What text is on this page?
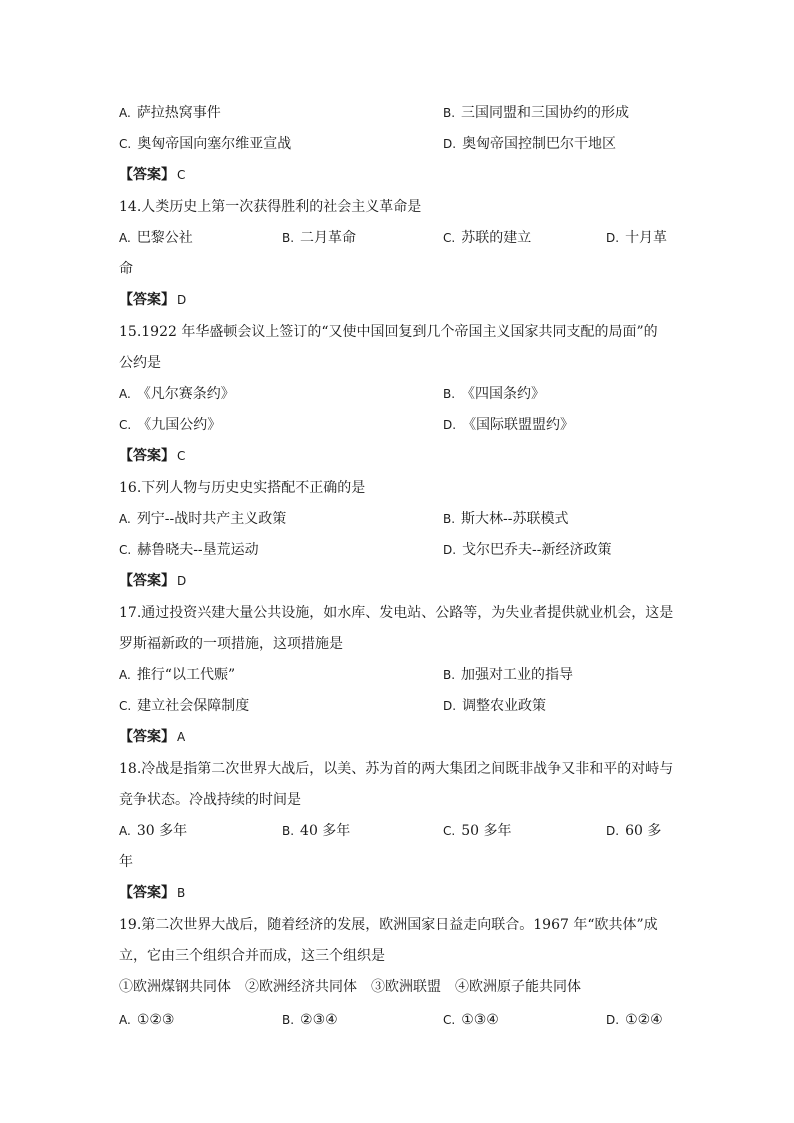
A. 萨拉热窝事件	B. 三国同盟和三国协约的形成
C. 奥匈帝国向塞尔维亚宣战	D. 奥匈帝国控制巴尔干地区
【答案】 C
14.人类历史上第一次获得胜利的社会主义革命是
A. 巴黎公社	B. 二月革命	C. 苏联的建立	D. 十月革
命
【答案】 D
15.1922 年华盛顿会议上签订的“又使中国回复到几个帝国主义国家共同支配的局面”的
公约是
A. 《凡尔赛条约》	B. 《四国条约》
C. 《九国公约》	D. 《国际联盟盟约》
【答案】 C
16.下列人物与历史史实搭配不正确的是
A. 列宁--战时共产主义政策	B. 斯大林--苏联模式
C. 赫鲁晓夫--垦荒运动	D. 戈尔巴乔夫--新经济政策
【答案】 D
17.通过投资兴建大量公共设施，如水库、发电站、公路等，为失业者提供就业机会，这是
罗斯福新政的一项措施，这项措施是
A. 推行“以工代赈”	B. 加强对工业的指导
C. 建立社会保障制度	D. 调整农业政策
【答案】 A
18.冷战是指第二次世界大战后，以美、苏为首的两大集团之间既非战争又非和平的对峙与
竞争状态。冷战持续的时间是
A. 30 多年	B. 40 多年	C. 50 多年	D. 60 多
年
【答案】 B
19.第二次世界大战后，随着经济的发展，欧洲国家日益走向联合。1967 年“欧共体”成
立，它由三个组织合并而成，这三个组织是
①欧洲煤钢共同体　②欧洲经济共同体　③欧洲联盟　④欧洲原子能共同体
A. ①②③	B. ②③④	C. ①③④	D. ①②④
